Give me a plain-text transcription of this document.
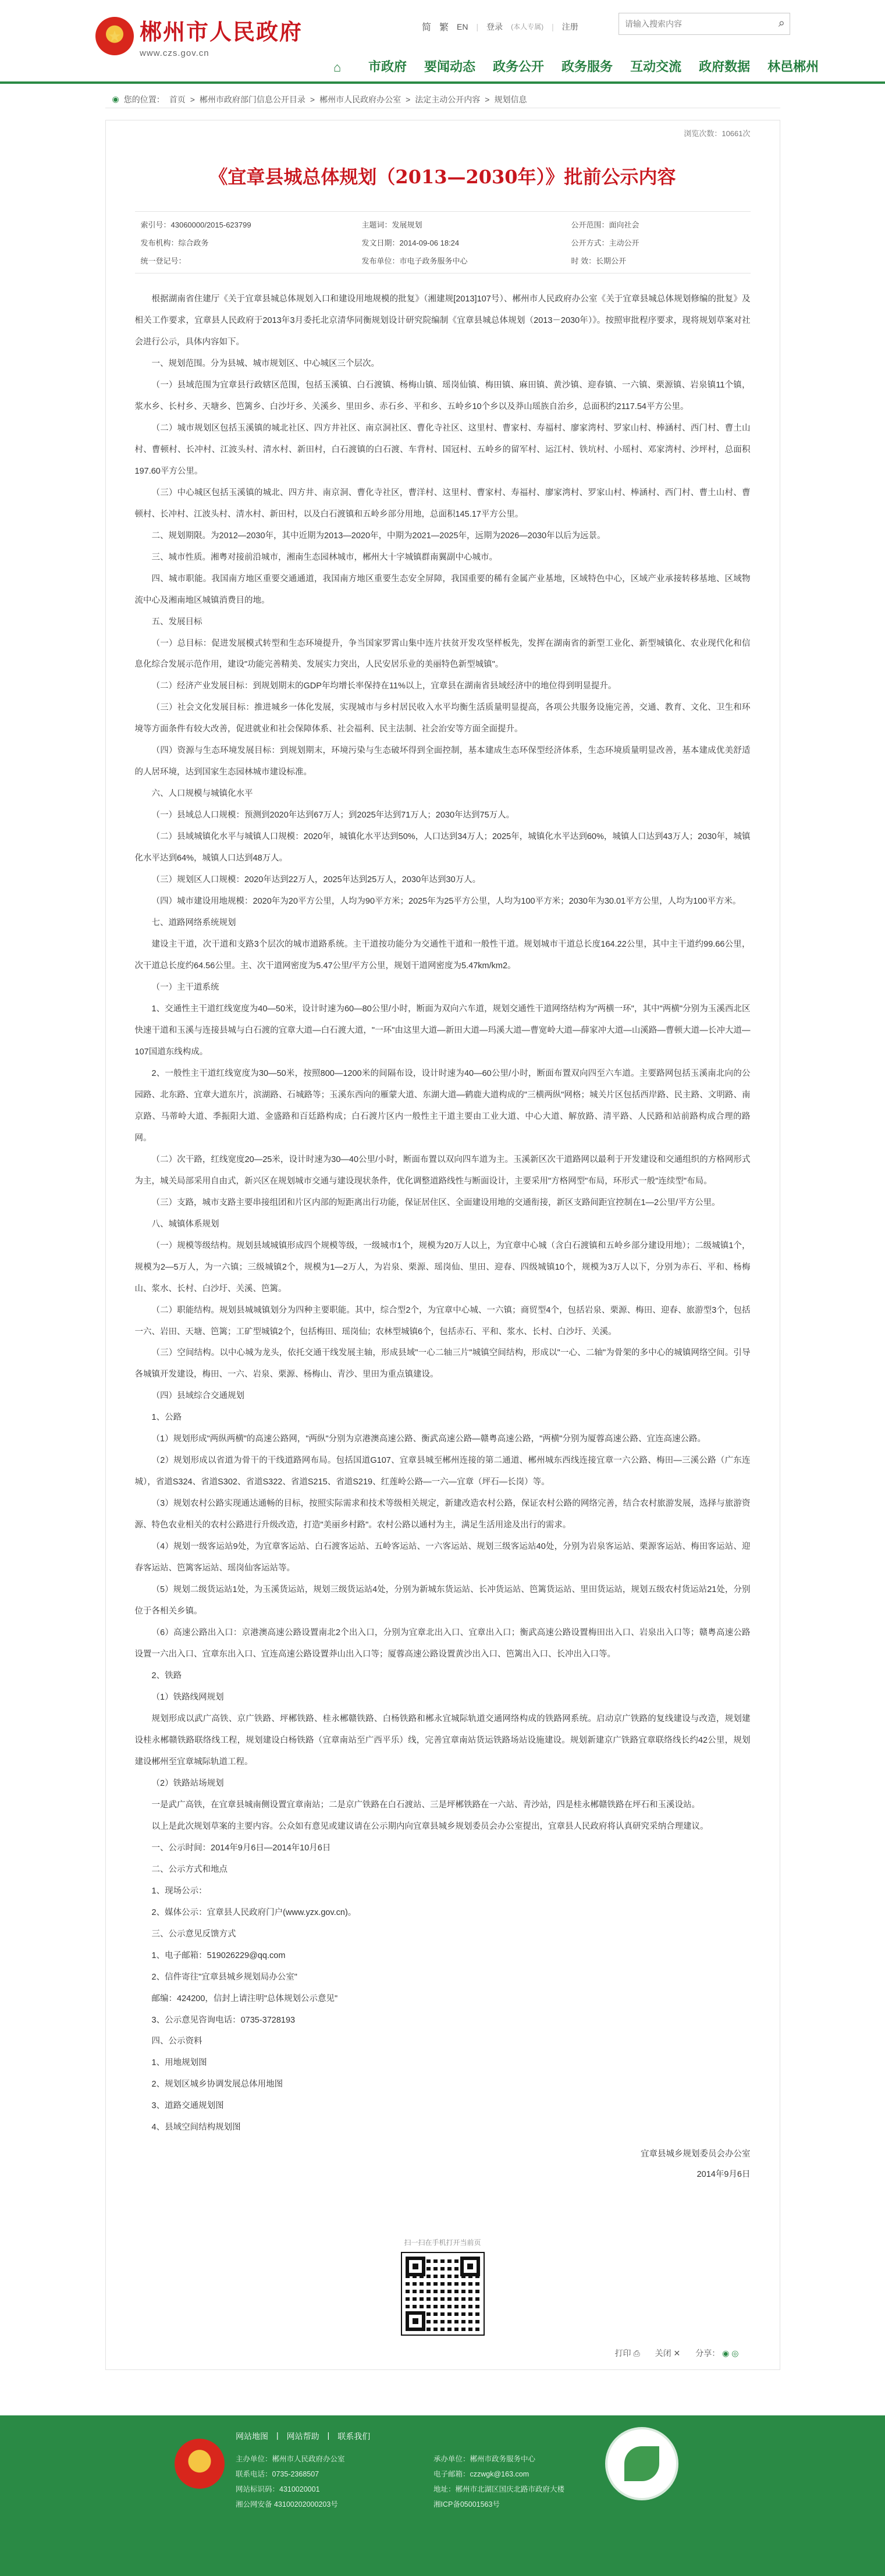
★ 郴州市人民政府
www.czs.gov.cn
简 繁 EN | 登录 (本人专属) | 注册
请输入搜索内容	⌕
⌂	市政府 要闻动态 政务公开 政务服务 互动交流 政府数据 林邑郴州
◉ 您的位置： 首页 > 郴州市政府部门信息公开目录 > 郴州市人民政府办公室 > 法定主动公开内容 > 规划信息
浏览次数：10661次
《宜章县城总体规划（2013—2030年）》批前公示内容
索引号：43060000/2015-623799	主题词：发展规划	公开范围：面向社会
发布机构：综合政务	发文日期：2014-09-06 18:24	公开方式：主动公开
统一登记号：	发布单位：市电子政务服务中心	时 效：长期公开

根据湖南省住建厅《关于宜章县城总体规划入口和建设用地规模的批复》（湘建规[2013]107号）、郴州市人民政府办公室《关于宜章县城总体规划修编的批复》及相关工作要求，宜章县人民政府于2013年3月委托北京清华同衡规划设计研究院编制《宜章县城总体规划（2013－2030年）》。按照审批程序要求，现将规划草案对社会进行公示，具体内容如下。

一、规划范围。分为县城、城市规划区、中心城区三个层次。

（一）县域范围为宜章县行政辖区范围，包括玉溪镇、白石渡镇、杨梅山镇、瑶岗仙镇、梅田镇、麻田镇、黄沙镇、迎春镇、一六镇、栗源镇、岩泉镇11个镇，浆水乡、长村乡、天塘乡、笆篱乡、白沙圩乡、关溪乡、里田乡、赤石乡、平和乡、五岭乡10个乡以及莽山瑶族自治乡，总面积约2117.54平方公里。

（二）城市规划区包括玉溪镇的城北社区、四方井社区、南京洞社区、曹化寺社区、这里村、曹家村、寿福村、廖家湾村、罗家山村、棒涵村、西门村、曹土山村、曹顿村、长冲村、江波头村、清水村、新田村，白石渡镇的白石渡、车背村、国冠村、五岭乡的留军村、运江村、铁坑村、小瑶村、邓家湾村、沙坪村，总面积197.60平方公里。

（三）中心城区包括玉溪镇的城北、四方井、南京洞、曹化寺社区，曹洋村、这里村、曹家村、寿福村、廖家湾村、罗家山村、棒涵村、西门村、曹土山村、曹顿村、长冲村、江波头村、清水村、新田村，以及白石渡镇和五岭乡部分用地，总面积145.17平方公里。

二、规划期限。为2012—2030年，其中近期为2013—2020年，中期为2021—2025年，远期为2026—2030年以后为远景。

三、城市性质。湘粤对接前沿城市，湘南生态园林城市，郴州大十字城镇群南翼副中心城市。

四、城市职能。我国南方地区重要交通通道，我国南方地区重要生态安全屏障，我国重要的稀有金属产业基地，区域特色中心，区域产业承接转移基地、区域物流中心及湘南地区城镇消费目的地。

五、发展目标

（一）总目标：促进发展模式转型和生态环境提升，争当国家罗霄山集中连片扶贫开发攻坚样板先，发挥在湖南省的新型工业化、新型城镇化、农业现代化和信息化综合发展示范作用，建设"功能完善精美、发展实力突出，人民安居乐业的美丽特色新型城镇"。

（二）经济产业发展目标：到规划期末的GDP年均增长率保持在11%以上，宜章县在湖南省县域经济中的地位得到明显提升。

（三）社会文化发展目标：推进城乡一体化发展，实现城市与乡村居民收入水平均衡生活质量明显提高，各项公共服务设施完善，交通、教育、文化、卫生和环境等方面条件有较大改善，促进就业和社会保障体系、社会福利、民主法制、社会治安等方面全面提升。

（四）资源与生态环境发展目标：到规划期末，环境污染与生态破坏得到全面控制，基本建成生态环保型经济体系，生态环境质量明显改善，基本建成优美舒适的人居环境，达到国家生态园林城市建设标准。

六、人口规模与城镇化水平

（一）县域总人口规模：预测到2020年达到67万人；到2025年达到71万人；2030年达到75万人。

（二）县域城镇化水平与城镇人口规模：2020年，城镇化水平达到50%，人口达到34万人；2025年，城镇化水平达到60%，城镇人口达到43万人；2030年，城镇化水平达到64%，城镇人口达到48万人。

（三）规划区人口规模：2020年达到22万人，2025年达到25万人，2030年达到30万人。

（四）城市建设用地规模：2020年为20平方公里，人均为90平方米；2025年为25平方公里，人均为100平方米；2030年为30.01平方公里，人均为100平方米。

七、道路网络系统规划

建设主干道，次干道和支路3个层次的城市道路系统。主干道按功能分为交通性干道和一般性干道。规划城市干道总长度164.22公里，其中主干道约99.66公里，次干道总长度约64.56公里。主、次干道网密度为5.47公里/平方公里，规划干道网密度为5.47km/km2。

（一）主干道系统

1、交通性主干道红线宽度为40—50米，设计时速为60—80公里/小时，断面为双向六车道，规划交通性干道网络结构为"两横一环"，其中"两横"分别为玉溪西北区快速干道和玉溪与连接县城与白石渡的宜章大道—白石渡大道，"一环"由这里大道—新田大道—玛溪大道—曹宽岭大道—薛家冲大道—山溪路—曹顿大道—长冲大道—107国道东线构成。

2、一般性主干道红线宽度为30—50米，按照800—1200米的间隔布设，设计时速为40—60公里/小时，断面布置双向四至六车道。主要路网包括玉溪南北向的公园路、北东路、宜章大道东片，滨湖路、石城路等；玉溪东西向的雁蒙大道、东湖大道—鹤鹿大道构成的"三横两纵"网格；城关片区包括西岸路、民主路、文明路、南京路、马蒂岭大道、季振阳大道、金盛路和百廷路构成；白石渡片区内一般性主干道主要由工业大道、中心大道、解放路、清平路、人民路和站前路构成合理的路网。

（二）次干路，红线宽度20—25米，设计时速为30—40公里/小时，断面布置以双向四车道为主。玉溪新区次干道路网以最利于开发建设和交通组织的方格网形式为主，城关局部采用自由式，新兴区在规划城市交通与建设现状条件，优化调整道路线性与断面设计，主要采用"方格网型"布局，环形式一般"连续型"布局。

（三）支路，城市支路主要串接组团和片区内部的短距离出行功能，保证居住区、全面建设用地的交通衔接，新区支路间距宜控制在1—2公里/平方公里。

八、城镇体系规划

（一）规模等级结构。规划县域城镇形成四个规模等级，一级城市1个，规模为20万人以上，为宜章中心城（含白石渡镇和五岭乡部分建设用地）；二级城镇1个，规模为2—5万人，为一六镇；三级城镇2个，规模为1—2万人，为岩泉、栗源、瑶岗仙、里田、迎春、四级城镇10个，规模为3万人以下，分别为赤石、平和、杨梅山、浆水、长村、白沙圩、关溪、笆篱。

（二）职能结构。规划县城城镇划分为四种主要职能。其中，综合型2个，为宜章中心城、一六镇；商贸型4个，包括岩泉、栗源、梅田、迎春、旅游型3个，包括一六、岩田、天塘、笆篱；工矿型城镇2个，包括梅田、瑶岗仙；农林型城镇6个，包括赤石、平和、浆水、长村、白沙圩、关溪。

（三）空间结构。以中心城为龙头，依托交通干线发展主轴，形成县域"一心二轴三片"城镇空间结构，形成以"一心、二轴"为骨架的多中心的城镇网络空间。引导各城镇开发建设，梅田、一六、岩泉、栗源、杨梅山、青沙、里田为重点镇建设。

（四）县域综合交通规划

1、公路

（1）规划形成"两纵两横"的高速公路网，"两纵"分别为京港澳高速公路、衡武高速公路—赣粤高速公路，"两横"分别为厦蓉高速公路、宜连高速公路。

（2）规划形成以省道为骨干的干线道路网布局。包括国道G107、宜章县城至郴州连接的第二通道、郴州城东西线连接宜章一六公路、梅田—三溪公路（广东连城），省道S324、省道S302、省道S322、省道S215、省道S219、红莲岭公路—一六—宜章（坪石—长岗）等。

（3）规划农村公路实现通达通畅的目标，按照实际需求和技术等级相关规定，新建改造农村公路，保证农村公路的网络完善，结合农村旅游发展，选择与旅游资源、特色农业相关的农村公路进行升级改造，打造"美丽乡村路"。农村公路以通村为主，满足生活用途及出行的需求。

（4）规划一级客运站9处，为宜章客运站、白石渡客运站、五岭客运站、一六客运站、规划三级客运站40处，分别为岩泉客运站、栗源客运站、梅田客运站、迎春客运站、笆篱客运站、瑶岗仙客运站等。

（5）规划二级货运站1处，为玉溪货运站，规划三级货运站4处，分别为新城东货运站、长冲货运站、笆篱货运站、里田货运站，规划五级农村货运站21处，分别位于各相关乡镇。

（6）高速公路出入口：京港澳高速公路设置南北2个出入口，分别为宜章北出入口、宜章出入口；衡武高速公路设置梅田出入口、岩泉出入口等；赣粤高速公路设置一六出入口、宜章东出入口、宜连高速公路设置莽山出入口等；厦蓉高速公路设置黄沙出入口、笆篱出入口、长冲出入口等。

2、铁路

（1）铁路线网规划

规划形成以武广高铁、京广铁路、坪郴铁路、桂永郴赣铁路、白杨铁路和郴永宜城际轨道交通网络构成的铁路网系统。启动京广铁路的复线建设与改造，规划建设桂永郴赣铁路联络线工程，规划建设白杨铁路（宜章南站至广西平乐）线，完善宜章南站货运铁路场站设施建设。规划新建京广铁路宜章联络线长约42公里，规划建设郴州至宜章城际轨道工程。

（2）铁路站场规划

一是武广高铁，在宜章县城南侧设置宜章南站；二是京广铁路在白石渡站、三是坪郴铁路在一六站、青沙站，四是桂永郴赣铁路在坪石和玉溪设站。

以上是此次规划草案的主要内容。公众如有意见或建议请在公示期内向宜章县城乡规划委员会办公室提出，宜章县人民政府将认真研究采纳合理建议。

一、公示时间：2014年9月6日—2014年10月6日

二、公示方式和地点

1、现场公示：

2、媒体公示：宜章县人民政府门户(www.yzx.gov.cn)。

三、公示意见反馈方式

1、电子邮箱：519026229@qq.com

2、信件寄往"宜章县城乡规划局办公室"

邮编：424200，信封上请注明"总体规划公示意见"

3、公示意见咨询电话：0735-3728193

四、公示资料

1、用地规划图

2、规划区城乡协调发展总体用地图

3、道路交通规划图

4、县域空间结构规划图

宜章县城乡规划委员会办公室
2014年9月6日
扫一扫在手机打开当前页
打印 ⎙ 关闭 ✕ 分享： ◉ ◎
网站地图 | 网站帮助 | 联系我们
主办单位：郴州市人民政府办公室	承办单位：郴州市政务服务中心
联系电话：0735-2368507	电子邮箱：czzwgk@163.com
网站标识码：4310020001	地址：郴州市北湖区国庆北路市政府大楼
湘公网安备 43100202000203号	湘ICP备05001563号
